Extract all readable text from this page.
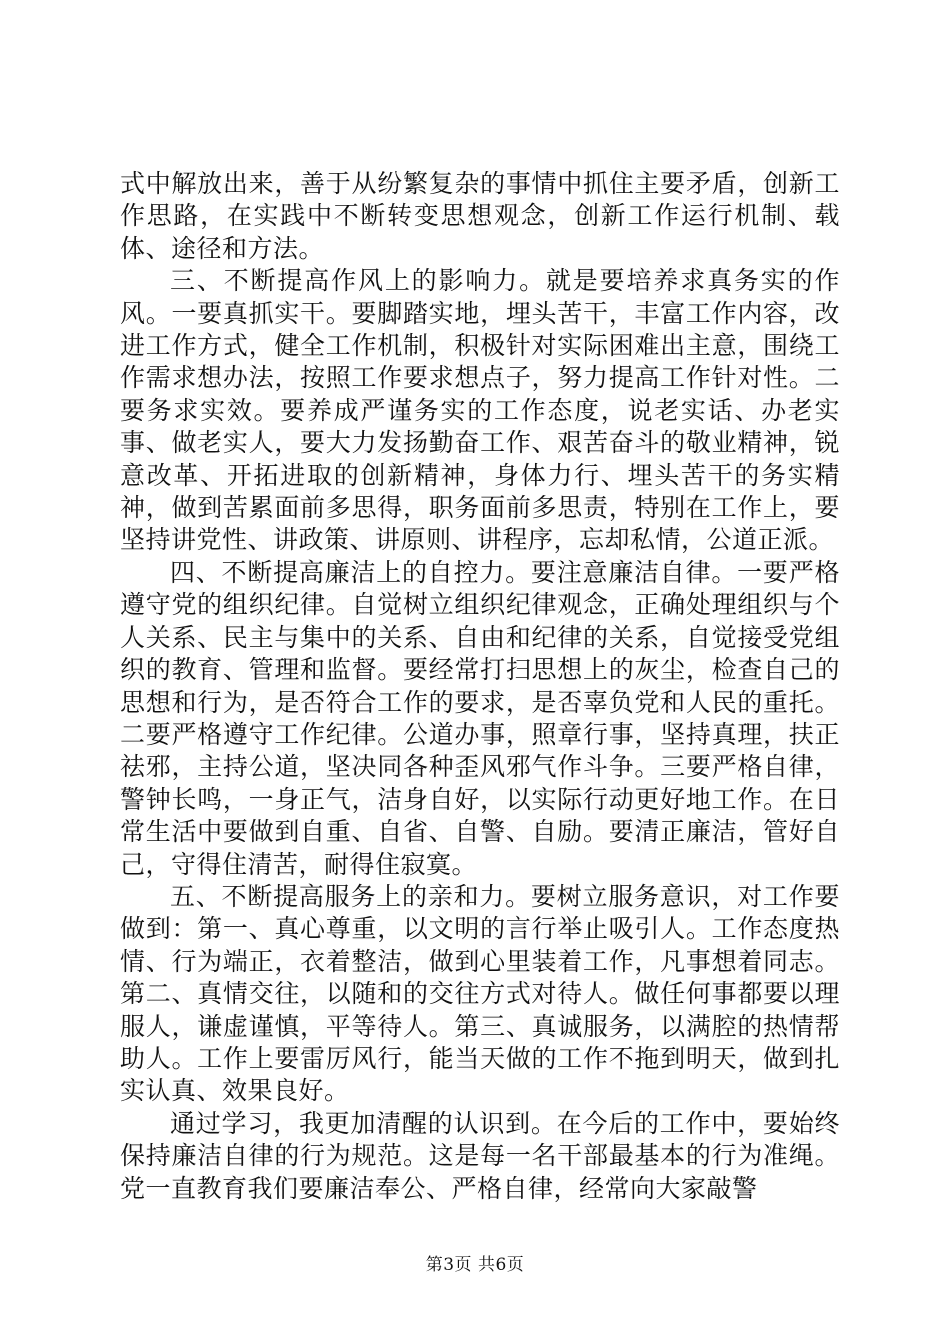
式中解放出来，善于从纷繁复杂的事情中抓住主要矛盾，创新工作思路，在实践中不断转变思想观念，创新工作运行机制、载体、途径和方法。

三、不断提高作风上的影响力。就是要培养求真务实的作风。一要真抓实干。要脚踏实地，埋头苦干，丰富工作内容，改进工作方式，健全工作机制，积极针对实际困难出主意，围绕工作需求想办法，按照工作要求想点子，努力提高工作针对性。二要务求实效。要养成严谨务实的工作态度，说老实话、办老实事、做老实人，要大力发扬勤奋工作、艰苦奋斗的敬业精神，锐意改革、开拓进取的创新精神，身体力行、埋头苦干的务实精神，做到苦累面前多思得，职务面前多思责，特别在工作上，要坚持讲党性、讲政策、讲原则、讲程序，忘却私情，公道正派。

四、不断提高廉洁上的自控力。要注意廉洁自律。一要严格遵守党的组织纪律。自觉树立组织纪律观念，正确处理组织与个人关系、民主与集中的关系、自由和纪律的关系，自觉接受党组织的教育、管理和监督。要经常打扫思想上的灰尘，检查自己的思想和行为，是否符合工作的要求，是否辜负党和人民的重托。二要严格遵守工作纪律。公道办事，照章行事，坚持真理，扶正祛邪，主持公道，坚决同各种歪风邪气作斗争。三要严格自律，警钟长鸣，一身正气，洁身自好，以实际行动更好地工作。在日常生活中要做到自重、自省、自警、自励。要清正廉洁，管好自己，守得住清苦，耐得住寂寞。

五、不断提高服务上的亲和力。要树立服务意识，对工作要做到：第一、真心尊重，以文明的言行举止吸引人。工作态度热情、行为端正，衣着整洁，做到心里装着工作，凡事想着同志。第二、真情交往，以随和的交往方式对待人。做任何事都要以理服人，谦虚谨慎，平等待人。第三、真诚服务，以满腔的热情帮助人。工作上要雷厉风行，能当天做的工作不拖到明天，做到扎实认真、效果良好。

通过学习，我更加清醒的认识到。在今后的工作中，要始终保持廉洁自律的行为规范。这是每一名干部最基本的行为准绳。党一直教育我们要廉洁奉公、严格自律，经常向大家敲警

第3页 共6页
